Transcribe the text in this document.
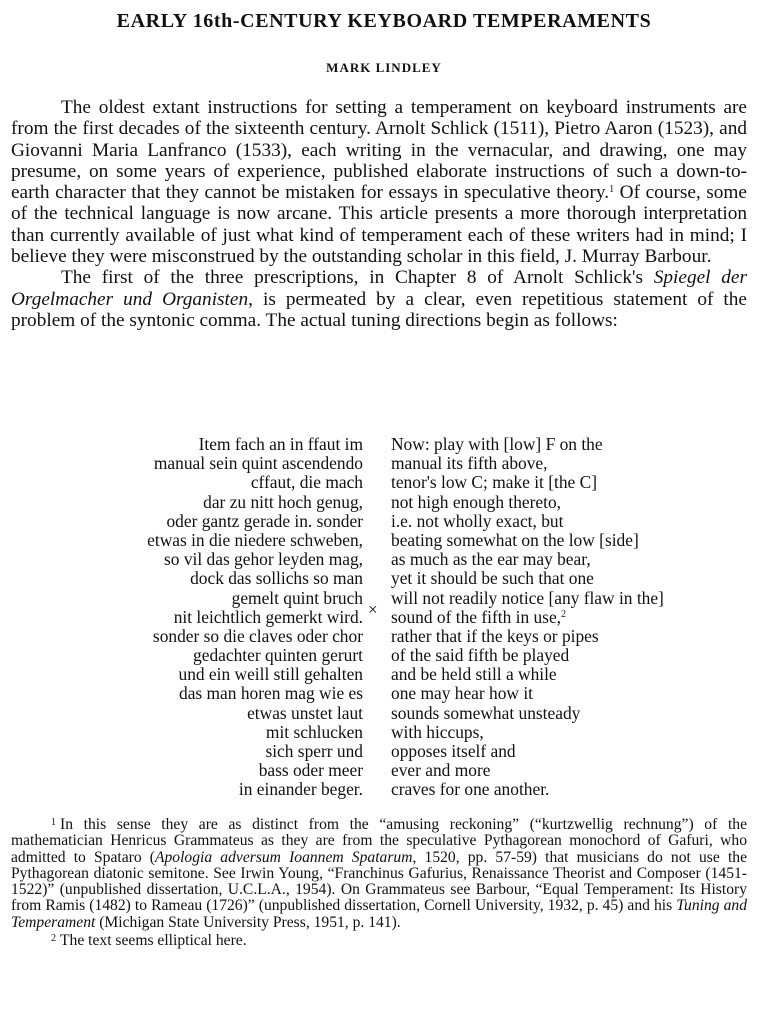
EARLY 16th-CENTURY KEYBOARD TEMPERAMENTS
MARK LINDLEY

The oldest extant instructions for setting a temperament on keyboard instruments are from the first decades of the sixteenth century. Arnolt Schlick (1511), Pietro Aaron (1523), and Giovanni Maria Lanfranco (1533), each writing in the vernacular, and drawing, one may presume, on some years of experience, published elaborate instructions of such a down-to-earth character that they cannot be mistaken for essays in speculative theory.$^1$ Of course, some of the technical language is now arcane. This article presents a more thorough interpretation than currently available of just what kind of temperament each of these writers had in mind; I believe they were misconstrued by the outstanding scholar in this field, J. Murray Barbour.

The first of the three prescriptions, in Chapter 8 of Arnolt Schlick's Spiegel der Orgelmacher und Organisten, is permeated by a clear, even repetitious statement of the problem of the syntonic comma. The actual tuning directions begin as follows:

Item fach an in ffaut im Now: play with [low] F on the
manual sein quint ascendendo manual its fifth above,
cffaut, die mach tenor's low C; make it [the C]
dar zu nitt hoch genug, not high enough thereto,
oder gantz gerade in. sonder i.e. not wholly exact, but
etwas in die niedere schweben, beating somewhat on the low [side]
so vil das gehor leyden mag, as much as the ear may bear,
dock das sollichs so man yet it should be such that one
gemelt quint bruch will not readily notice [any flaw in the]
nit leichtlich gemerkt wird. sound of the fifth in use,$^2$
sonder so die claves oder chor rather that if the keys or pipes
gedachter quinten gerurt of the said fifth be played
und ein weill still gehalten and be held still a while
das man horen mag wie es one may hear how it
etwas unstet laut sounds somewhat unsteady
mit schlucken with hiccups,
sich sperr und opposes itself and
bass oder meer ever and more
in einander beger. craves for one another.
×

$^1$ In this sense they are as distinct from the “amusing reckoning” (“kurtzwellig rechnung”) of the mathematician Henricus Grammateus as they are from the speculative Pythagorean monochord of Gafuri, who admitted to Spataro (Apologia adversum Ioannem Spatarum, 1520, pp. 57-59) that musicians do not use the Pythagorean diatonic semitone. See Irwin Young, “Franchinus Gafurius, Renaissance Theorist and Composer (1451-1522)” (unpublished dissertation, U.C.L.A., 1954). On Grammateus see Barbour, “Equal Temperament: Its History from Ramis (1482) to Rameau (1726)” (unpublished dissertation, Cornell University, 1932, p. 45) and his Tuning and Temperament (Michigan State University Press, 1951, p. 141).

$^2$ The text seems elliptical here.
